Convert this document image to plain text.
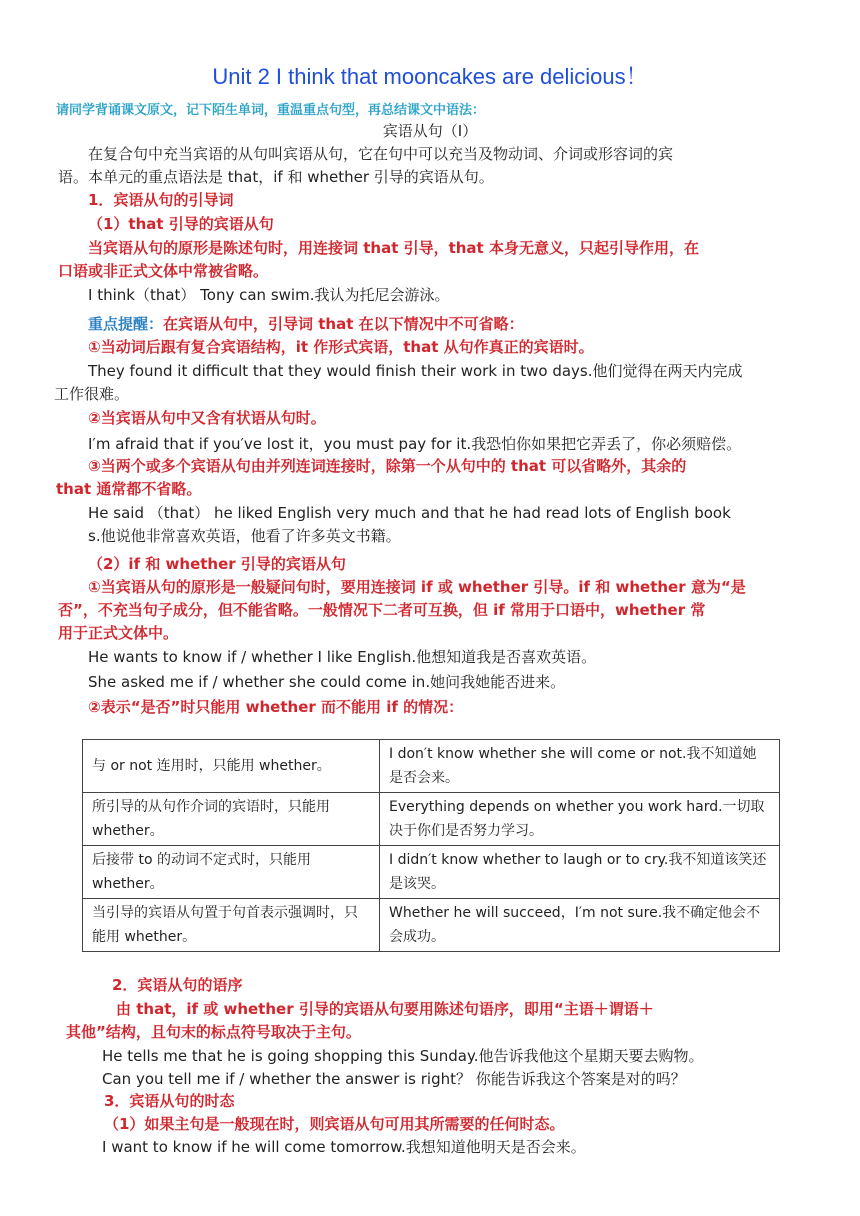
Unit 2 I think that mooncakes are delicious！
请同学背诵课文原文，记下陌生单词，重温重点句型，再总结课文中语法：
宾语从句（I）
在复合句中充当宾语的从句叫宾语从句，它在句中可以充当及物动词、介词或形容词的宾
语。本单元的重点语法是 that，if 和 whether 引导的宾语从句。
1．宾语从句的引导词
（1）that 引导的宾语从句
当宾语从句的原形是陈述句时，用连接词 that 引导，that 本身无意义，只起引导作用，在
口语或非正式文体中常被省略。
I think（that） Tony can swim.我认为托尼会游泳。
重点提醒：在宾语从句中，引导词 that 在以下情况中不可省略：
①当动词后跟有复合宾语结构，it 作形式宾语，that 从句作真正的宾语时。
They found it difficult that they would finish their work in two days.他们觉得在两天内完成
工作很难。
②当宾语从句中又含有状语从句时。
I′m afraid that if you′ve lost it，you must pay for it.我恐怕你如果把它弄丢了，你必须赔偿。
③当两个或多个宾语从句由并列连词连接时，除第一个从句中的 that 可以省略外，其余的
that 通常都不省略。
He said （that） he liked English very much and that he had read lots of English book
s.他说他非常喜欢英语，他看了许多英文书籍。
（2）if 和 whether 引导的宾语从句
①当宾语从句的原形是一般疑问句时，要用连接词 if 或 whether 引导。if 和 whether 意为“是
否”，不充当句子成分，但不能省略。一般情况下二者可互换，但 if 常用于口语中，whether 常
用于正式文体中。
He wants to know if / whether I like English.他想知道我是否喜欢英语。
She asked me if / whether she could come in.她问我她能否进来。
②表示“是否”时只能用 whether 而不能用 if 的情况：
与 or not 连用时，只能用 whether。	I don′t know whether she will come or not.我不知道她是否会来。
所引导的从句作介词的宾语时，只能用 whether。	Everything depends on whether you work hard.一切取决于你们是否努力学习。
后接带 to 的动词不定式时，只能用 whether。	I didn′t know whether to laugh or to cry.我不知道该笑还是该哭。
当引导的宾语从句置于句首表示强调时，只能用 whether。	Whether he will succeed，I′m not sure.我不确定他会不会成功。
2．宾语从句的语序
由 that，if 或 whether 引导的宾语从句要用陈述句语序，即用“主语＋谓语＋
其他”结构，且句末的标点符号取决于主句。
He tells me that he is going shopping this Sunday.他告诉我他这个星期天要去购物。
Can you tell me if / whether the answer is right？ 你能告诉我这个答案是对的吗？
3．宾语从句的时态
（1）如果主句是一般现在时，则宾语从句可用其所需要的任何时态。
I want to know if he will come tomorrow.我想知道他明天是否会来。
